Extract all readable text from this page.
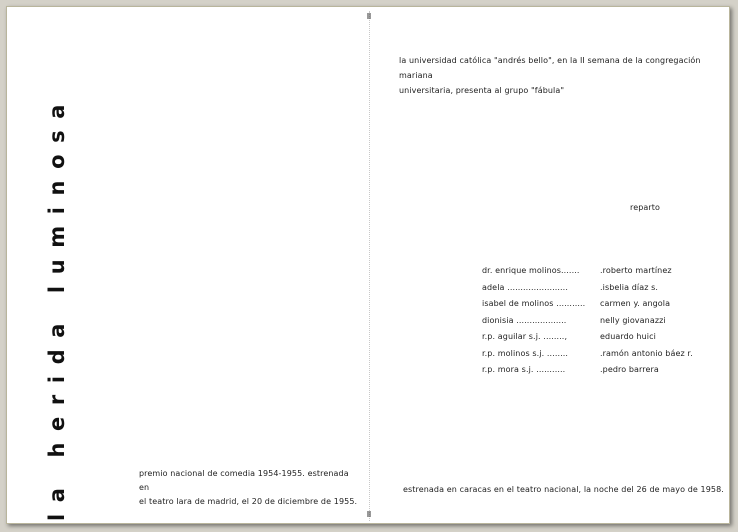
la herida luminosa	premio nacional de comedia 1954-1955. estrenada en
el teatro lara de madrid, el 20 de diciembre de 1955.
la universidad católica "andrés bello", en la II semana de la congregación mariana
universitaria, presenta al grupo "fábula"
reparto
dr. enrique molinos.......	.roberto martínez
adela .......................	.isbelia díaz s.
isabel de molinos ........... carmen y. angola
dionisia ...................	nelly giovanazzi
r.p. aguilar s.j. ........,	eduardo huici
r.p. molinos s.j. ........	.ramón antonio báez r.
r.p. mora s.j. ...........	.pedro barrera
estrenada en caracas en el teatro nacional, la noche del 26 de mayo de 1958.
